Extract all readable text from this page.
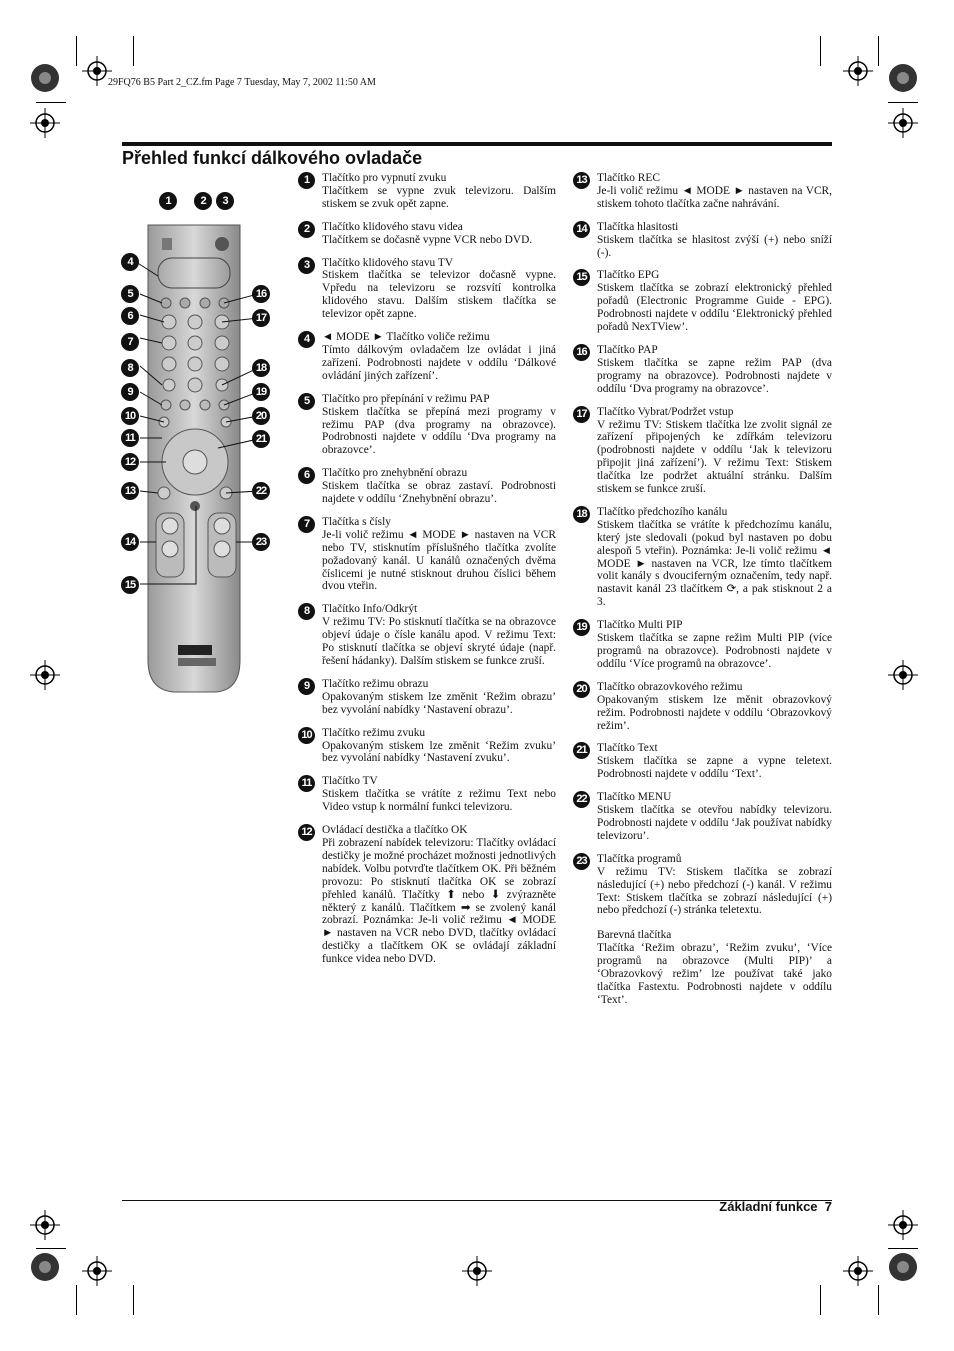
29FQ76 B5 Part 2_CZ.fm Page 7 Tuesday, May 7, 2002 11:50 AM
Přehled funkcí dálkového ovladače
1	2	3
4
5
6
7
8
9
10
11
12
13
14
15
16
17
18
19
20
21
22
23
1	Tlačítko pro vypnutí zvuku
Tlačítkem se vypne zvuk televizoru. Dalším stiskem se zvuk opět zapne.
2	Tlačítko klidového stavu videa
Tlačítkem se dočasně vypne VCR nebo DVD.
3	Tlačítko klidového stavu TV
Stiskem tlačítka se televizor dočasně vypne. Vpředu na televizoru se rozsvítí kontrolka klidového stavu. Dalším stiskem tlačítka se televizor opět zapne.
4	◄ MODE ► Tlačítko voliče režimu
Tímto dálkovým ovladačem lze ovládat i jiná zařízení. Podrobnosti najdete v oddílu ‘Dálkové ovládání jiných zařízení’.
5	Tlačítko pro přepínání v režimu PAP
Stiskem tlačítka se přepíná mezi programy v režimu PAP (dva programy na obrazovce). Podrobnosti najdete v oddílu ‘Dva programy na obrazovce’.
6	Tlačítko pro znehybnění obrazu
Stiskem tlačítka se obraz zastaví. Podrobnosti najdete v oddílu ‘Znehybnění obrazu’.
7	Tlačítka s čísly
Je-li volič režimu ◄ MODE ► nastaven na VCR nebo TV, stisknutím příslušného tlačítka zvolíte požadovaný kanál. U kanálů označených dvěma číslicemi je nutné stisknout druhou číslici během dvou vteřin.
8	Tlačítko Info/Odkrýt
V režimu TV: Po stisknutí tlačítka se na obrazovce objeví údaje o čísle kanálu apod. V režimu Text: Po stisknutí tlačítka se objeví skryté údaje (např. řešení hádanky). Dalším stiskem se funkce zruší.
9	Tlačítko režimu obrazu
Opakovaným stiskem lze změnit ‘Režim obrazu’ bez vyvolání nabídky ‘Nastavení obrazu’.
10 Tlačítko režimu zvuku
Opakovaným stiskem lze změnit ‘Režim zvuku’ bez vyvolání nabídky ‘Nastavení zvuku’.
11 Tlačítko TV
Stiskem tlačítka se vrátíte z režimu Text nebo Video vstup k normální funkci televizoru.
12 Ovládací destička a tlačítko OK
Při zobrazení nabídek televizoru: Tlačítky ovládací destičky je možné procházet možnosti jednotlivých nabídek. Volbu potvrďte tlačítkem OK. Při běžném provozu: Po stisknutí tlačítka OK se zobrazí přehled kanálů. Tlačítky ⬆ nebo ⬇ zvýrazněte některý z kanálů. Tlačítkem ➡ se zvolený kanál zobrazí. Poznámka: Je-li volič režimu ◄ MODE ► nastaven na VCR nebo DVD, tlačítky ovládací destičky a tlačítkem OK se ovládají základní funkce videa nebo DVD.
13 Tlačítko REC
Je-li volič režimu ◄ MODE ► nastaven na VCR, stiskem tohoto tlačítka začne nahrávání.
14 Tlačítka hlasitosti
Stiskem tlačítka se hlasitost zvýší (+) nebo sníží (-).
15 Tlačítko EPG
Stiskem tlačítka se zobrazí elektronický přehled pořadů (Electronic Programme Guide - EPG). Podrobnosti najdete v oddílu ‘Elektronický přehled pořadů NexTView’.
16 Tlačítko PAP
Stiskem tlačítka se zapne režim PAP (dva programy na obrazovce). Podrobnosti najdete v oddílu ‘Dva programy na obrazovce’.
17 Tlačítko Vybrat/Podržet vstup
V režimu TV: Stiskem tlačítka lze zvolit signál ze zařízení připojených ke zdířkám televizoru (podrobnosti najdete v oddílu ‘Jak k televizoru připojit jiná zařízení’). V režimu Text: Stiskem tlačítka lze podržet aktuální stránku. Dalším stiskem se funkce zruší.
18 Tlačítko předchozího kanálu
Stiskem tlačítka se vrátíte k předchozímu kanálu, který jste sledovali (pokud byl nastaven po dobu alespoň 5 vteřin). Poznámka: Je-li volič režimu ◄ MODE ► nastaven na VCR, lze tímto tlačítkem volit kanály s dvouciferným označením, tedy např. nastavit kanál 23 tlačítkem ⟳, a pak stisknout 2 a 3.
19 Tlačítko Multi PIP
Stiskem tlačítka se zapne režim Multi PIP (více programů na obrazovce). Podrobnosti najdete v oddílu ‘Více programů na obrazovce’.
20 Tlačítko obrazovkového režimu
Opakovaným stiskem lze měnit obrazovkový režim. Podrobnosti najdete v oddílu ‘Obrazovkový režim’.
21 Tlačítko Text
Stiskem tlačítka se zapne a vypne teletext. Podrobnosti najdete v oddílu ‘Text’.
22 Tlačítko MENU
Stiskem tlačítka se otevřou nabídky televizoru. Podrobnosti najdete v oddílu ‘Jak používat nabídky televizoru’.
23 Tlačítka programů
V režimu TV: Stiskem tlačítka se zobrazí následující (+) nebo předchozí (-) kanál. V režimu Text: Stiskem tlačítka se zobrazí následující (+) nebo předchozí (-) stránka teletextu.
Barevná tlačítka
Tlačítka ‘Režim obrazu’, ‘Režim zvuku’, ‘Více programů na obrazovce (Multi PIP)’ a ‘Obrazovkový režim’ lze používat také jako tlačítka Fastextu. Podrobnosti najdete v oddílu ‘Text’.
Základní funkce 7
